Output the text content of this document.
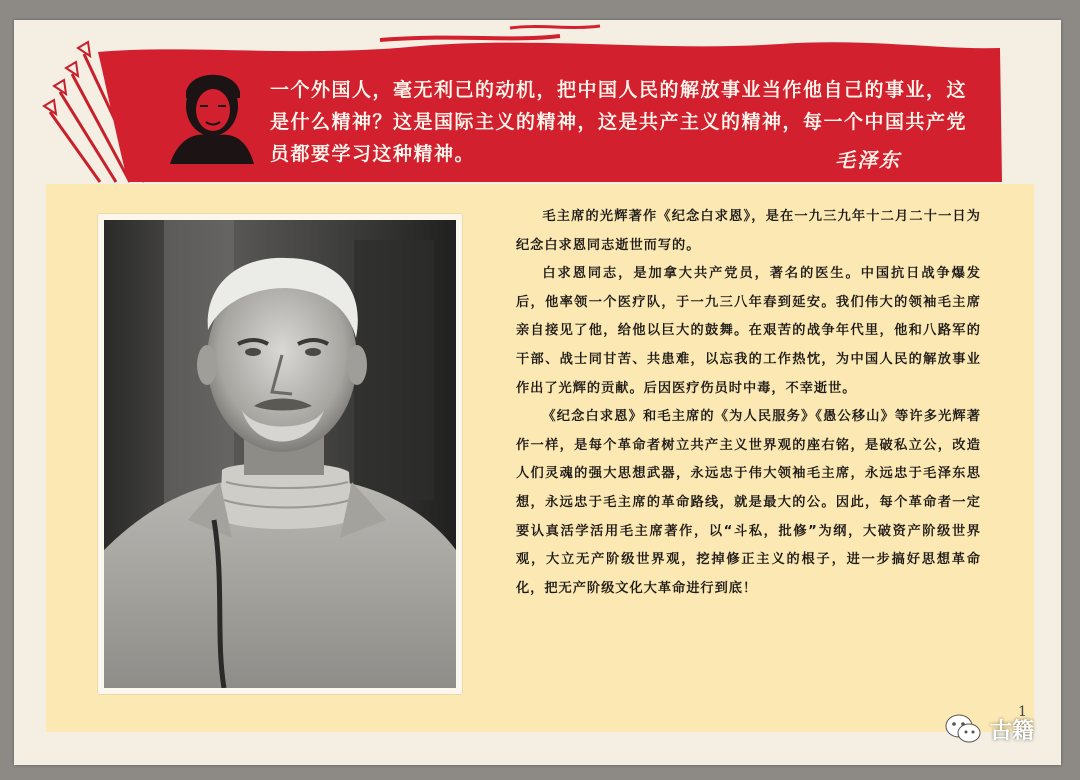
一个外国人，毫无利己的动机，把中国人民的解放事业当作他自己的事业，这是什么精神？这是国际主义的精神，这是共产主义的精神，每一个中国共产党员都要学习这种精神。	毛泽东

毛主席的光辉著作《纪念白求恩》，是在一九三九年十二月二十一日为纪念白求恩同志逝世而写的。

白求恩同志，是加拿大共产党员，著名的医生。中国抗日战争爆发后，他率领一个医疗队，于一九三八年春到延安。我们伟大的领袖毛主席亲自接见了他，给他以巨大的鼓舞。在艰苦的战争年代里，他和八路军的干部、战士同甘苦、共患难，以忘我的工作热忱，为中国人民的解放事业作出了光辉的贡献。后因医疗伤员时中毒，不幸逝世。

《纪念白求恩》和毛主席的《为人民服务》《愚公移山》等许多光辉著作一样，是每个革命者树立共产主义世界观的座右铭，是破私立公，改造人们灵魂的强大思想武器，永远忠于伟大领袖毛主席，永远忠于毛泽东思想，永远忠于毛主席的革命路线，就是最大的公。因此，每个革命者一定要认真活学活用毛主席著作，以“斗私，批修”为纲，大破资产阶级世界观，大立无产阶级世界观，挖掉修正主义的根子，进一步搞好思想革命化，把无产阶级文化大革命进行到底！

1
古籍
